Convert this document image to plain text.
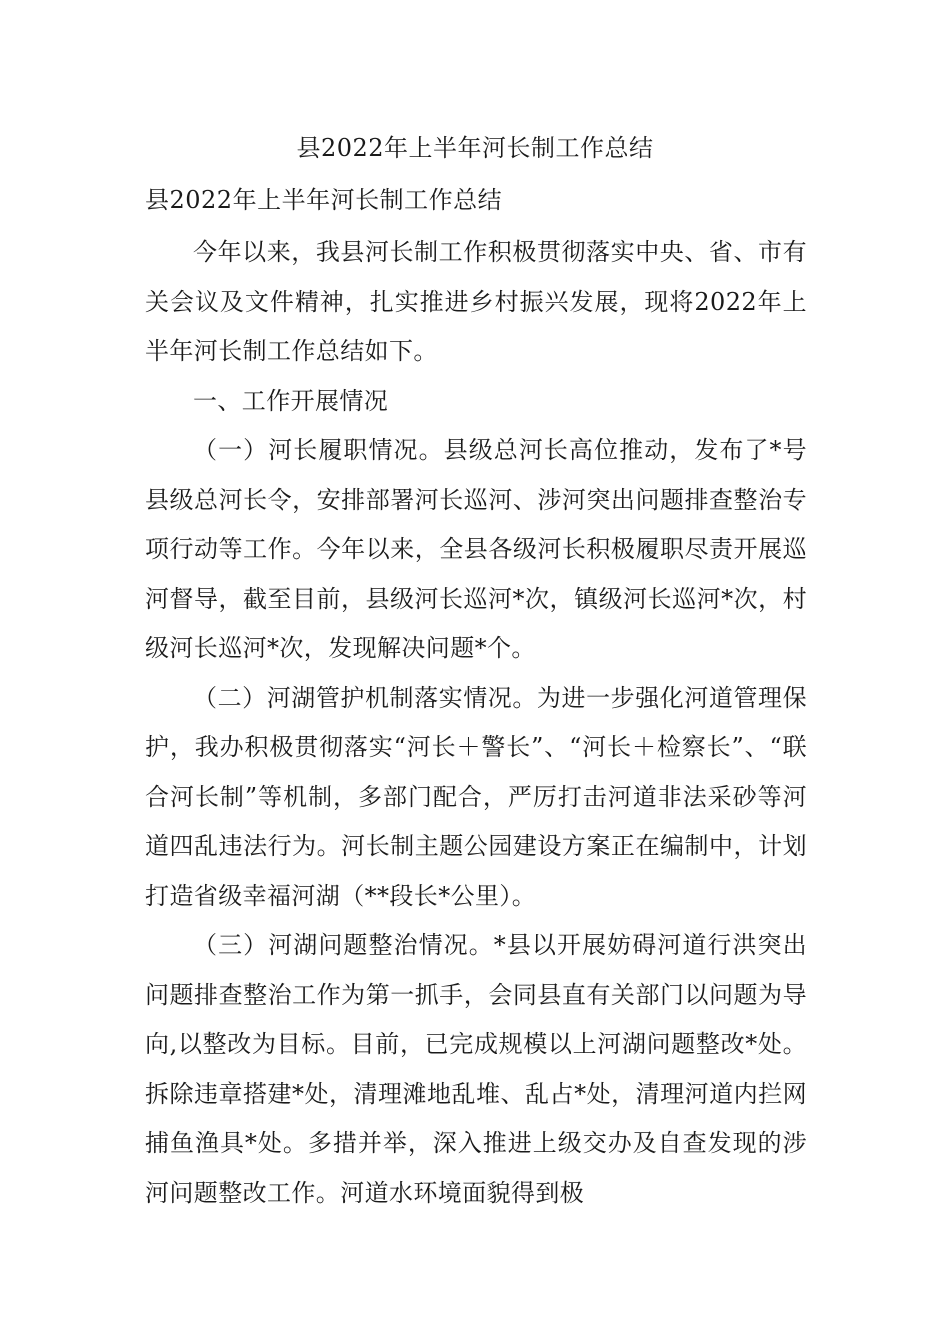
县2022年上半年河长制工作总结
县2022年上半年河长制工作总结

今年以来，我县河长制工作积极贯彻落实中央、省、市有关会议及文件精神，扎实推进乡村振兴发展，现将2022年上半年河长制工作总结如下。

一、工作开展情况

（一）河长履职情况。县级总河长高位推动，发布了*号县级总河长令，安排部署河长巡河、涉河突出问题排查整治专项行动等工作。今年以来，全县各级河长积极履职尽责开展巡河督导，截至目前，县级河长巡河*次，镇级河长巡河*次，村级河长巡河*次，发现解决问题*个。

（二）河湖管护机制落实情况。为进一步强化河道管理保护，我办积极贯彻落实“河长＋警长”、“河长＋检察长”、“联合河长制”等机制，多部门配合，严厉打击河道非法采砂等河道四乱违法行为。河长制主题公园建设方案正在编制中，计划打造省级幸福河湖（**段长*公里）。

（三）河湖问题整治情况。*县以开展妨碍河道行洪突出问题排查整治工作为第一抓手，会同县直有关部门以问题为导向,以整改为目标。目前，已完成规模以上河湖问题整改*处。拆除违章搭建*处，清理滩地乱堆、乱占*处，清理河道内拦网捕鱼渔具*处。多措并举，深入推进上级交办及自查发现的涉河问题整改工作。河道水环境面貌得到极
